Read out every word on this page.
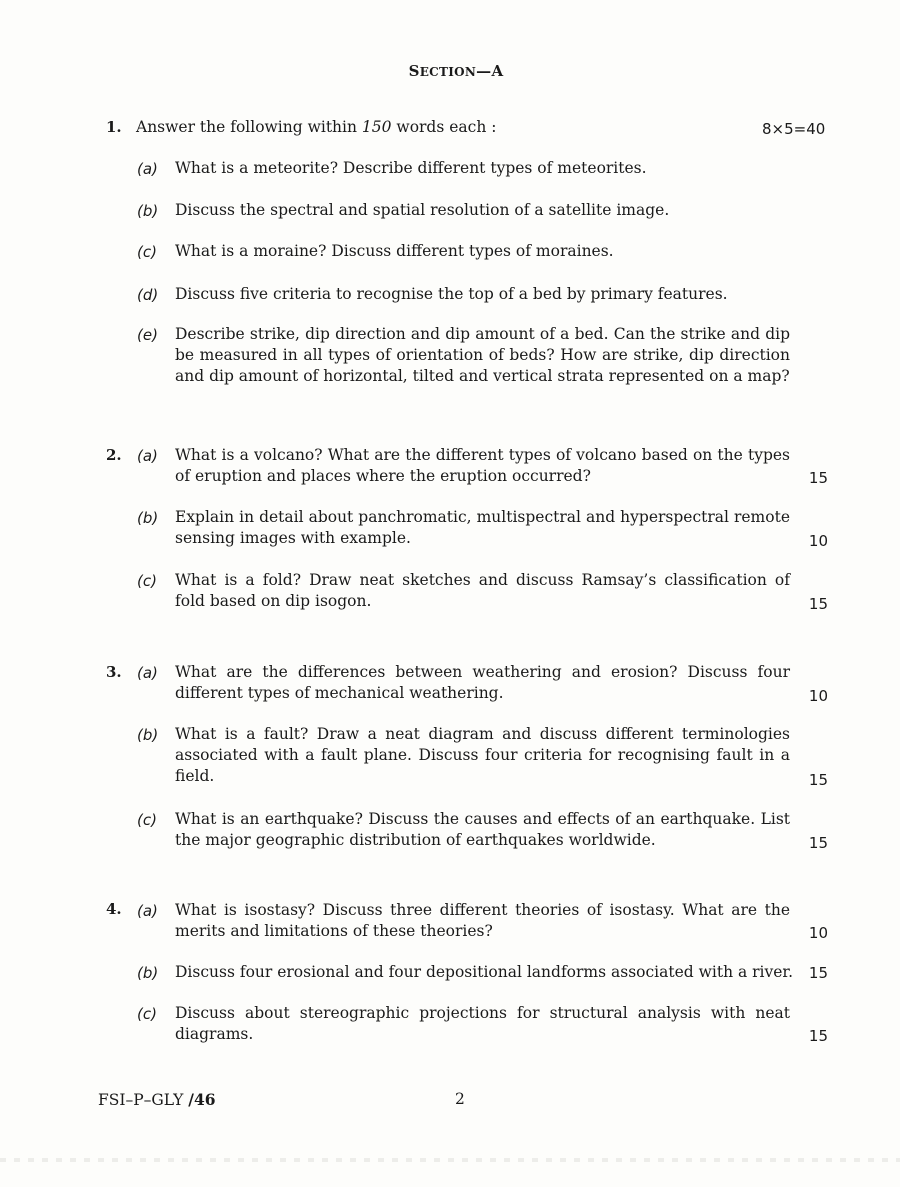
SECTION—A
1. Answer the following within 150 words each :	8×5=40
(a) What is a meteorite? Describe different types of meteorites.
(b) Discuss the spectral and spatial resolution of a satellite image.
(c) What is a moraine? Discuss different types of moraines.
(d) Discuss five criteria to recognise the top of a bed by primary features.
(e) Describe strike, dip direction and dip amount of a bed. Can the strike and dip be measured in all types of orientation of beds? How are strike, dip direction and dip amount of horizontal, tilted and vertical strata represented on a map?
2. (a) What is a volcano? What are the different types of volcano based on the types of eruption and places where the eruption occurred?	15
(b) Explain in detail about panchromatic, multispectral and hyperspectral remote sensing images with example.	10
(c) What is a fold? Draw neat sketches and discuss Ramsay’s classification of fold based on dip isogon.	15
3. (a) What are the differences between weathering and erosion? Discuss four different types of mechanical weathering.	10
(b) What is a fault? Draw a neat diagram and discuss different terminologies associated with a fault plane. Discuss four criteria for recognising fault in a field.	15
(c) What is an earthquake? Discuss the causes and effects of an earthquake. List the major geographic distribution of earthquakes worldwide.	15
4. (a) What is isostasy? Discuss three different theories of isostasy. What are the merits and limitations of these theories?	10
(b) Discuss four erosional and four depositional landforms associated with a river.	15
(c) Discuss about stereographic projections for structural analysis with neat diagrams.	15
FSI–P–GLY /46	2
